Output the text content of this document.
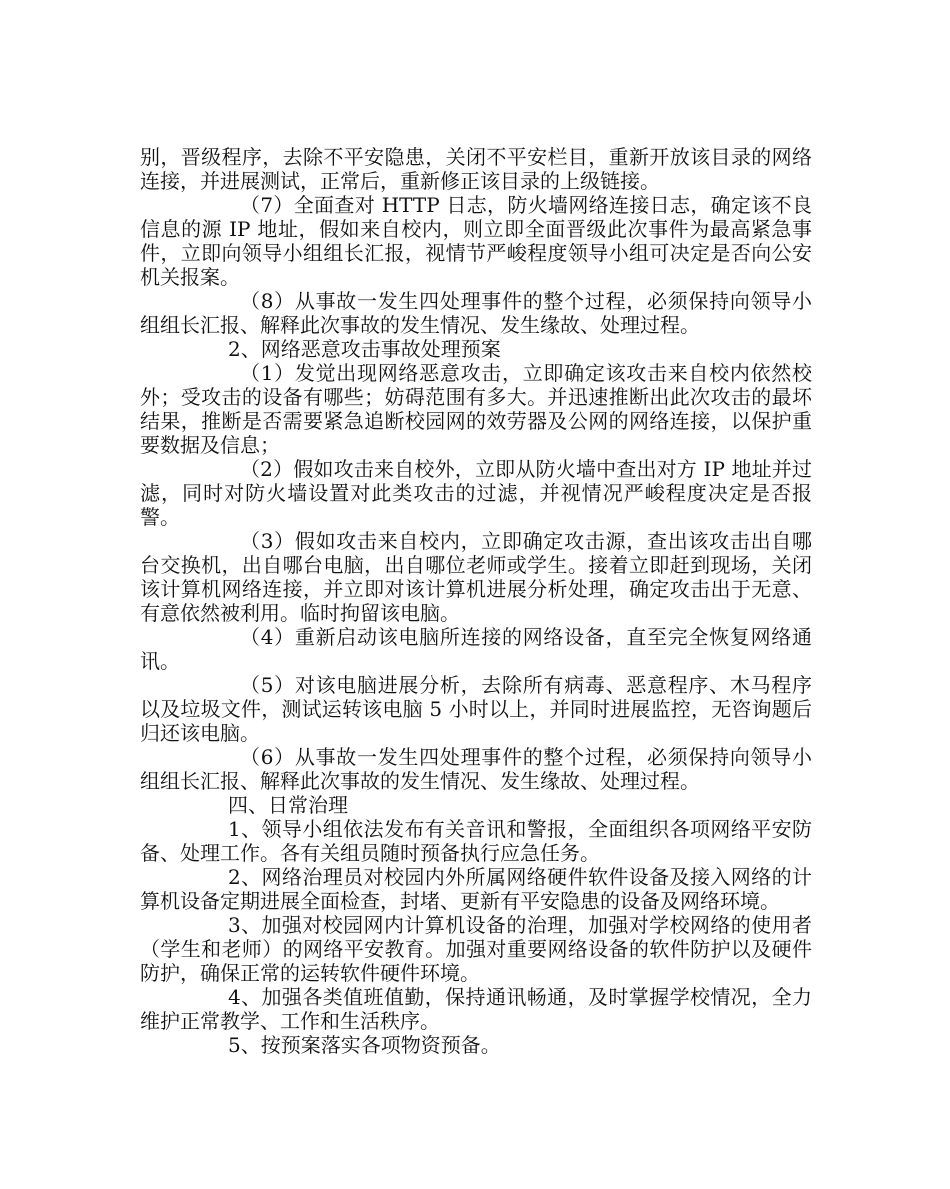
别，晋级程序，去除不平安隐患，关闭不平安栏目，重新开放该目录的网络连接，并进展测试，正常后，重新修正该目录的上级链接。

（7）全面查对 HTTP 日志，防火墙网络连接日志，确定该不良信息的源 IP 地址，假如来自校内，则立即全面晋级此次事件为最高紧急事件，立即向领导小组组长汇报，视情节严峻程度领导小组可决定是否向公安机关报案。

（8）从事故一发生四处理事件的整个过程，必须保持向领导小组组长汇报、解释此次事故的发生情况、发生缘故、处理过程。

2、网络恶意攻击事故处理预案

（1）发觉出现网络恶意攻击，立即确定该攻击来自校内依然校外；受攻击的设备有哪些；妨碍范围有多大。并迅速推断出此次攻击的最坏结果，推断是否需要紧急追断校园网的效劳器及公网的网络连接，以保护重要数据及信息；

（2）假如攻击来自校外，立即从防火墙中查出对方 IP 地址并过滤，同时对防火墙设置对此类攻击的过滤，并视情况严峻程度决定是否报警。

（3）假如攻击来自校内，立即确定攻击源，查出该攻击出自哪台交换机，出自哪台电脑，出自哪位老师或学生。接着立即赶到现场，关闭该计算机网络连接，并立即对该计算机进展分析处理，确定攻击出于无意、有意依然被利用。临时拘留该电脑。

（4）重新启动该电脑所连接的网络设备，直至完全恢复网络通讯。

（5）对该电脑进展分析，去除所有病毒、恶意程序、木马程序以及垃圾文件，测试运转该电脑 5 小时以上，并同时进展监控，无咨询题后归还该电脑。

（6）从事故一发生四处理事件的整个过程，必须保持向领导小组组长汇报、解释此次事故的发生情况、发生缘故、处理过程。

四、日常治理

1、领导小组依法发布有关音讯和警报，全面组织各项网络平安防备、处理工作。各有关组员随时预备执行应急任务。

2、网络治理员对校园内外所属网络硬件软件设备及接入网络的计算机设备定期进展全面检查，封堵、更新有平安隐患的设备及网络环境。

3、加强对校园网内计算机设备的治理，加强对学校网络的使用者（学生和老师）的网络平安教育。加强对重要网络设备的软件防护以及硬件防护，确保正常的运转软件硬件环境。

4、加强各类值班值勤，保持通讯畅通，及时掌握学校情况，全力维护正常教学、工作和生活秩序。

5、按预案落实各项物资预备。
